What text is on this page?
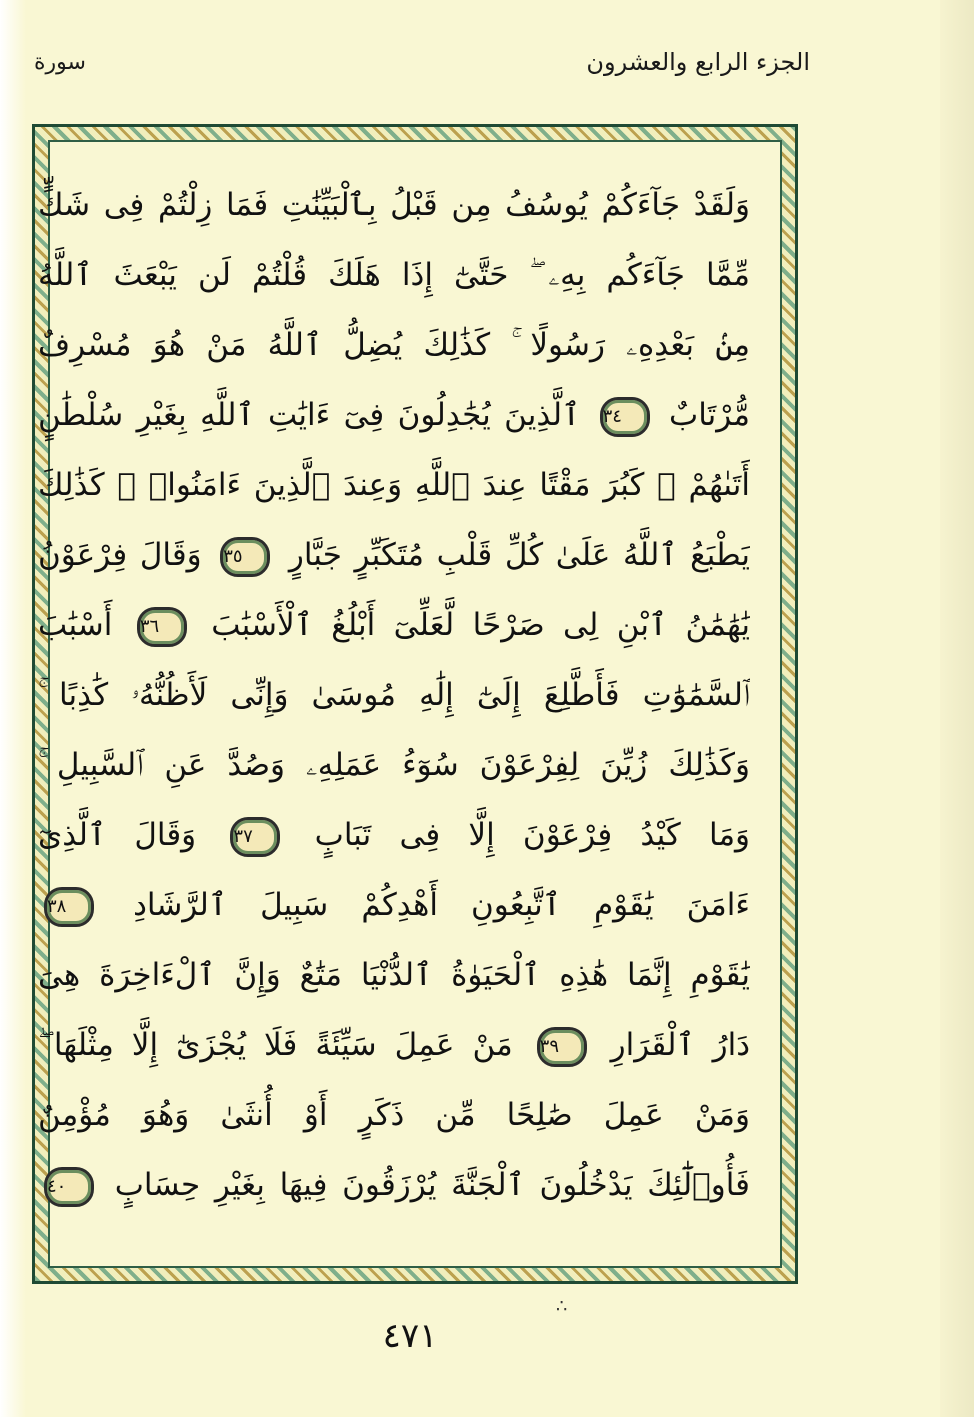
سورة	الجزء الرابع والعشرون
وَلَقَدْ جَآءَكُمْ يُوسُفُ مِن قَبْلُ بِٱلْبَيِّنَٰتِ فَمَا زِلْتُمْ فِى شَكٍّ
مِّمَّا جَآءَكُم بِهِۦ ۖ حَتَّىٰٓ إِذَا هَلَكَ قُلْتُمْ لَن يَبْعَثَ ٱللَّهُ
مِنۢ بَعْدِهِۦ رَسُولًا ۚ كَذَٰلِكَ يُضِلُّ ٱللَّهُ مَنْ هُوَ مُسْرِفٌ
مُّرْتَابٌ ٣٤ ٱلَّذِينَ يُجَٰدِلُونَ فِىٓ ءَايَٰتِ ٱللَّهِ بِغَيْرِ سُلْطَٰنٍ
أَتَىٰهُمْ ۖ كَبُرَ مَقْتًا عِندَ ٱللَّهِ وَعِندَ ٱلَّذِينَ ءَامَنُوا۟ ۚ كَذَٰلِكَ
يَطْبَعُ ٱللَّهُ عَلَىٰ كُلِّ قَلْبِ مُتَكَبِّرٍ جَبَّارٍ ٣٥ وَقَالَ فِرْعَوْنُ
يَٰهَٰمَٰنُ ٱبْنِ لِى صَرْحًا لَّعَلِّىٓ أَبْلُغُ ٱلْأَسْبَٰبَ ٣٦ أَسْبَٰبَ
ٱلسَّمَٰوَٰتِ فَأَطَّلِعَ إِلَىٰٓ إِلَٰهِ مُوسَىٰ وَإِنِّى لَأَظُنُّهُۥ كَٰذِبًا ۚ
وَكَذَٰلِكَ زُيِّنَ لِفِرْعَوْنَ سُوٓءُ عَمَلِهِۦ وَصُدَّ عَنِ ٱلسَّبِيلِ ۚ
وَمَا كَيْدُ فِرْعَوْنَ إِلَّا فِى تَبَابٍ ٣٧ وَقَالَ ٱلَّذِىٓ
ءَامَنَ يَٰقَوْمِ ٱتَّبِعُونِ أَهْدِكُمْ سَبِيلَ ٱلرَّشَادِ ٣٨
يَٰقَوْمِ إِنَّمَا هَٰذِهِ ٱلْحَيَوٰةُ ٱلدُّنْيَا مَتَٰعٌ وَإِنَّ ٱلْءَاخِرَةَ هِىَ
دَارُ ٱلْقَرَارِ ٣٩ مَنْ عَمِلَ سَيِّئَةً فَلَا يُجْزَىٰٓ إِلَّا مِثْلَهَا ۖ
وَمَنْ عَمِلَ صَٰلِحًا مِّن ذَكَرٍ أَوْ أُنثَىٰ وَهُوَ مُؤْمِنٌ
فَأُو۟لَٰٓئِكَ يَدْخُلُونَ ٱلْجَنَّةَ يُرْزَقُونَ فِيهَا بِغَيْرِ حِسَابٍ ٤٠
∴
٤٧١
